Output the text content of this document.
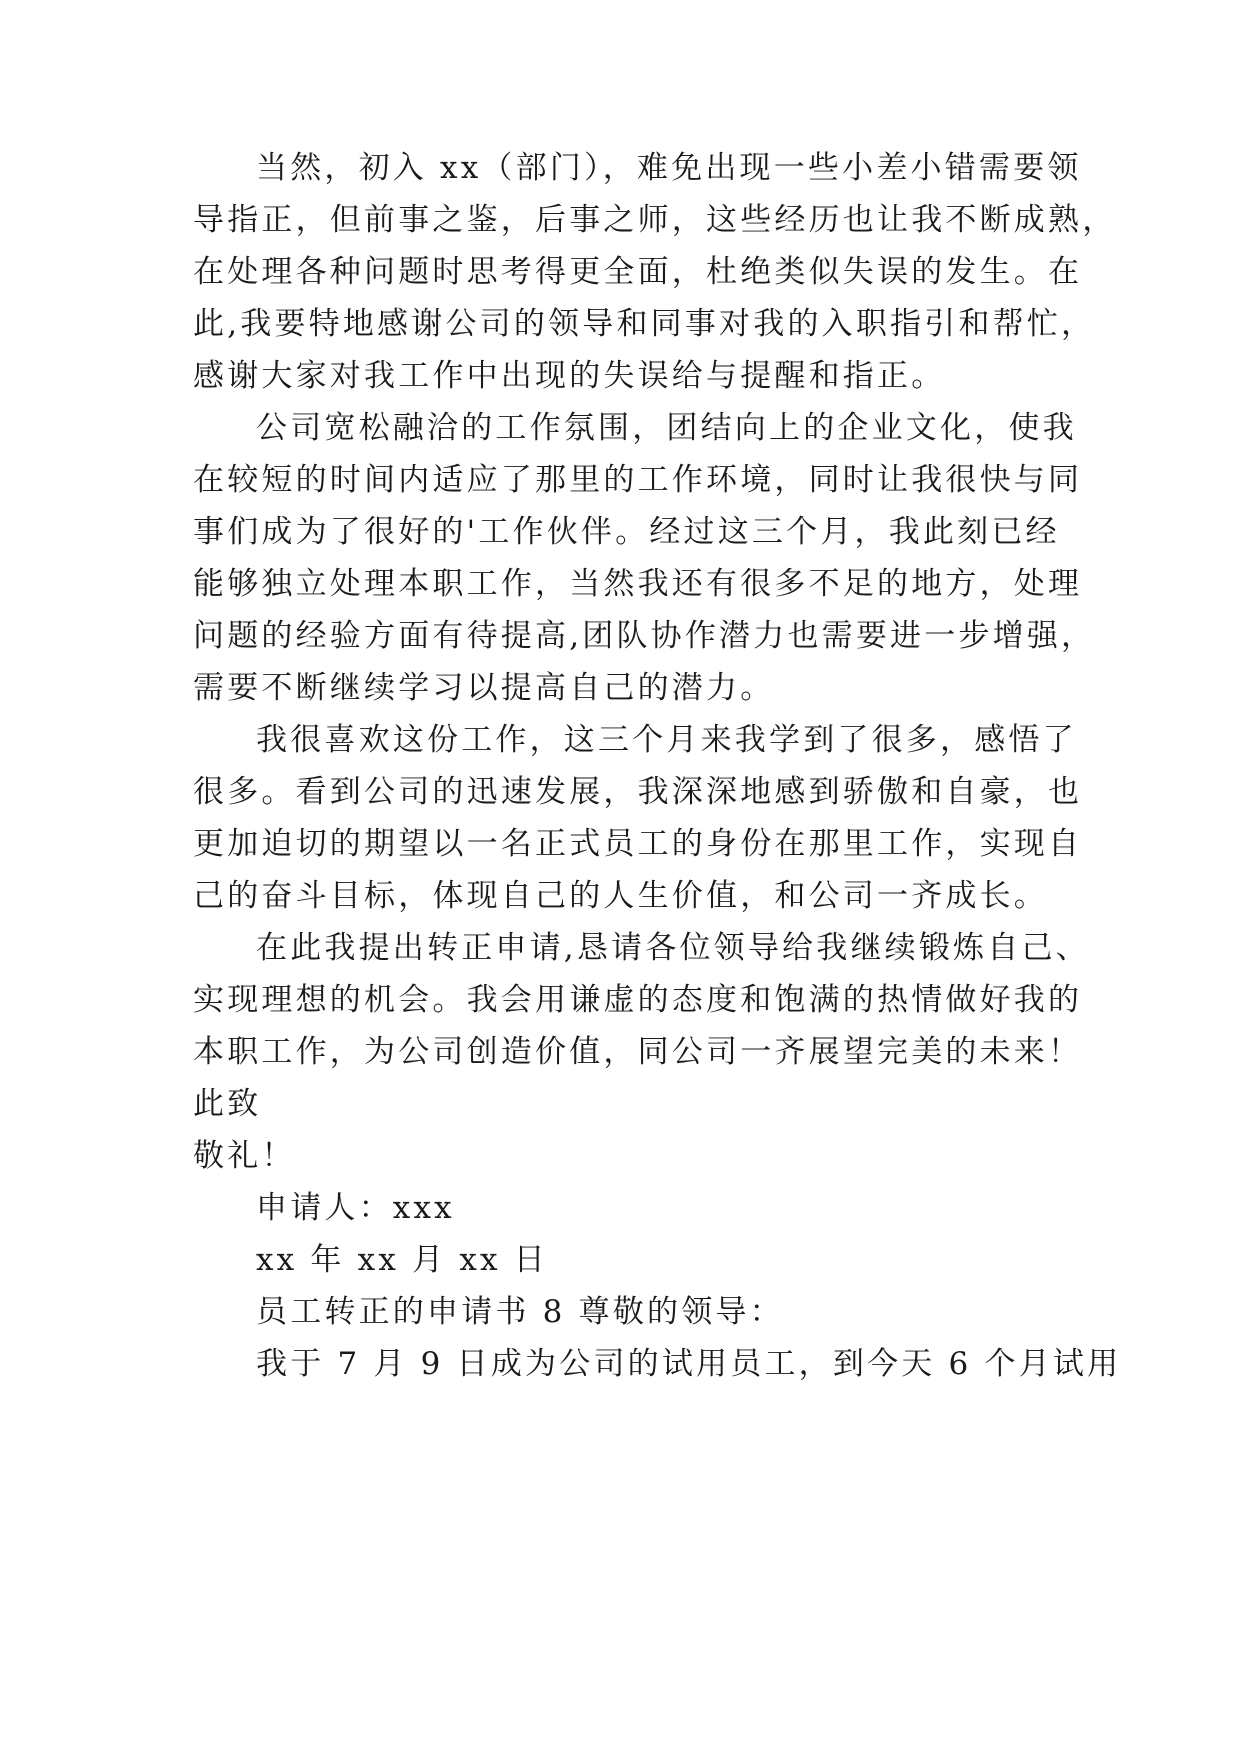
当然，初入 xx（部门），难免出现一些小差小错需要领
导指正，但前事之鉴，后事之师，这些经历也让我不断成熟，
在处理各种问题时思考得更全面，杜绝类似失误的发生。在
此,我要特地感谢公司的领导和同事对我的入职指引和帮忙，
感谢大家对我工作中出现的失误给与提醒和指正。
公司宽松融洽的工作氛围，团结向上的企业文化，使我
在较短的时间内适应了那里的工作环境，同时让我很快与同
事们成为了很好的'工作伙伴。经过这三个月，我此刻已经
能够独立处理本职工作，当然我还有很多不足的地方，处理
问题的经验方面有待提高,团队协作潜力也需要进一步增强，
需要不断继续学习以提高自己的潜力。
我很喜欢这份工作，这三个月来我学到了很多，感悟了
很多。看到公司的迅速发展，我深深地感到骄傲和自豪，也
更加迫切的期望以一名正式员工的身份在那里工作，实现自
己的奋斗目标，体现自己的人生价值，和公司一齐成长。
在此我提出转正申请,恳请各位领导给我继续锻炼自己、
实现理想的机会。我会用谦虚的态度和饱满的热情做好我的
本职工作，为公司创造价值，同公司一齐展望完美的未来！
此致
敬礼！
申请人：xxx
xx 年 xx 月 xx 日
员工转正的申请书 8 尊敬的领导：
我于 7 月 9 日成为公司的试用员工，到今天 6 个月试用
